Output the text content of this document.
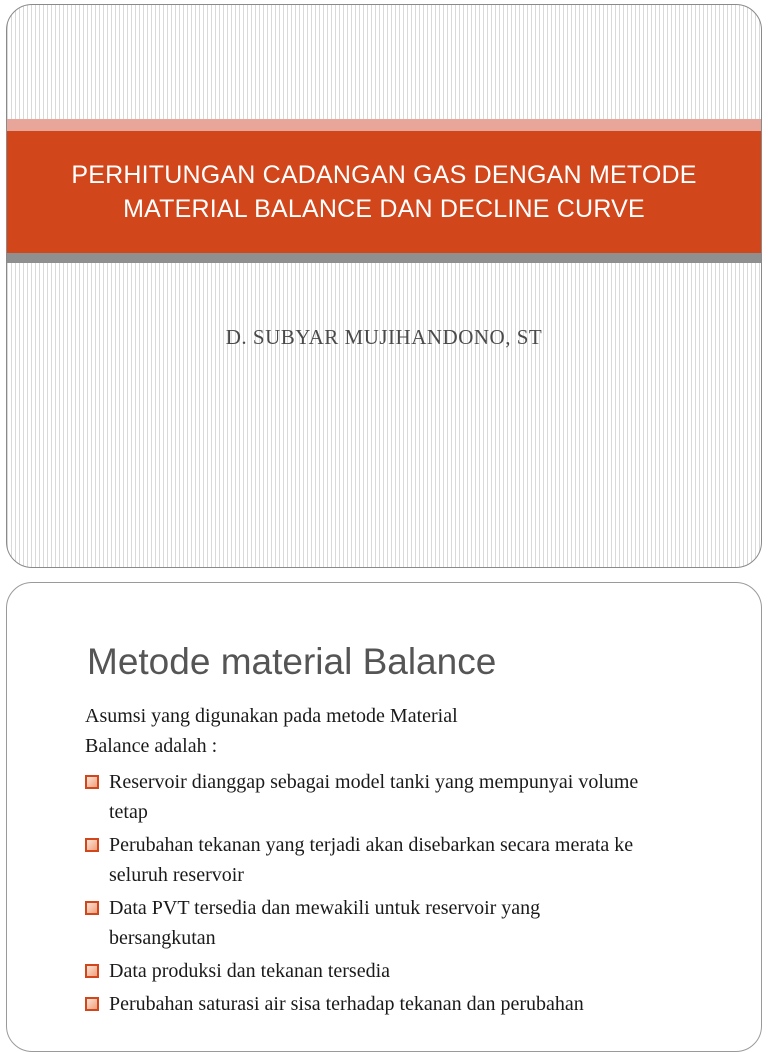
PERHITUNGAN CADANGAN GAS DENGAN METODE
MATERIAL BALANCE DAN DECLINE CURVE
D. SUBYAR MUJIHANDONO, ST
Metode material Balance
Asumsi yang digunakan pada metode Material
Balance adalah :
Reservoir dianggap sebagai model tanki yang mempunyai volume
tetap
Perubahan tekanan yang terjadi akan disebarkan secara merata ke
seluruh reservoir
Data PVT tersedia dan mewakili untuk reservoir yang
bersangkutan
Data produksi dan tekanan tersedia
Perubahan saturasi air sisa terhadap tekanan dan perubahan
